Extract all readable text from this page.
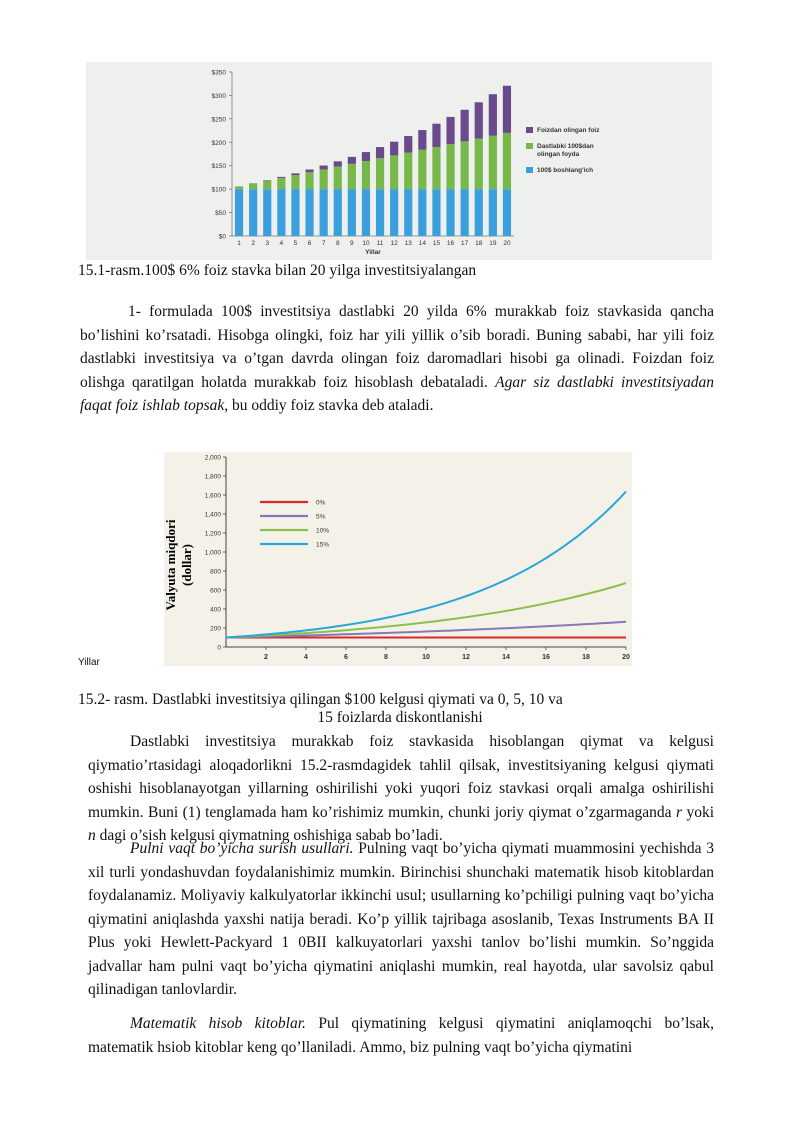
$0
$50
$100
$150
$200
$250
$300
$350
1 2 3 4 5 6 7 8 9 10 11 12 13 14 15 16 17 18 19 20
Yillar
Foizdan olingan foiz
Dastlabki 100$dan
olingan foyda
100$ boshlang'ich
15.1-rasm.100$ 6% foiz stavka bilan 20 yilga investitsiyalangan

1- formulada 100$ investitsiya dastlabki 20 yilda 6% murakkab foiz stavkasida qancha bo’lishini ko’rsatadi. Hisobga olingki, foiz har yili yillik o’sib boradi. Buning sababi, har yili foiz dastlabki investitsiya va o’tgan davrda olingan foiz daromadlari hisobi ga olinadi. Foizdan foiz olishga qaratilgan holatda murakkab foiz hisoblash debataladi. Agar siz dastlabki investitsiyadan faqat foiz ishlab topsak, bu oddiy foiz stavka deb ataladi.

0
200
400
600
800
1,000
1,200
1,400
1,600
1,800
2,000
2	4	6	8	10	12	14	16	18	20
0%
5%
10%
15%
Valyuta miqdori (dollar)
Yillar
15.2- rasm. Dastlabki investitsiya qilingan $100 kelgusi qiymati va 0, 5, 10 va
15 foizlarda diskontlanishi

Dastlabki investitsiya murakkab foiz stavkasida hisoblangan qiymat va kelgusi qiymatio’rtasidagi aloqadorlikni 15.2-rasmdagidek tahlil qilsak, investitsiyaning kelgusi qiymati oshishi hisoblanayotgan yillarning oshirilishi yoki yuqori foiz stavkasi orqali amalga oshirilishi mumkin. Buni (1) tenglamada ham ko’rishimiz mumkin, chunki joriy qiymat o’zgarmaganda r yoki n dagi o’sish kelgusi qiymatning oshishiga sabab bo’ladi.

Pulni vaqt bo’yicha surish usullari. Pulning vaqt bo’yicha qiymati muammosini yechishda 3 xil turli yondashuvdan foydalanishimiz mumkin. Birinchisi shunchaki matematik hisob kitoblardan foydalanamiz. Moliyaviy kalkulyatorlar ikkinchi usul; usullarning ko’pchiligi pulning vaqt bo’yicha qiymatini aniqlashda yaxshi natija beradi. Ko’p yillik tajribaga asoslanib, Texas Instruments BA II Plus yoki Hewlett-Packyard 1 0BII kalkuyatorlari yaxshi tanlov bo’lishi mumkin. So’nggida jadvallar ham pulni vaqt bo’yicha qiymatini aniqlashi mumkin, real hayotda, ular savolsiz qabul qilinadigan tanlovlardir.

Matematik hisob kitoblar. Pul qiymatining kelgusi qiymatini aniqlamoqchi bo’lsak, matematik hsiob kitoblar keng qo’llaniladi. Ammo, biz pulning vaqt bo’yicha qiymatini
